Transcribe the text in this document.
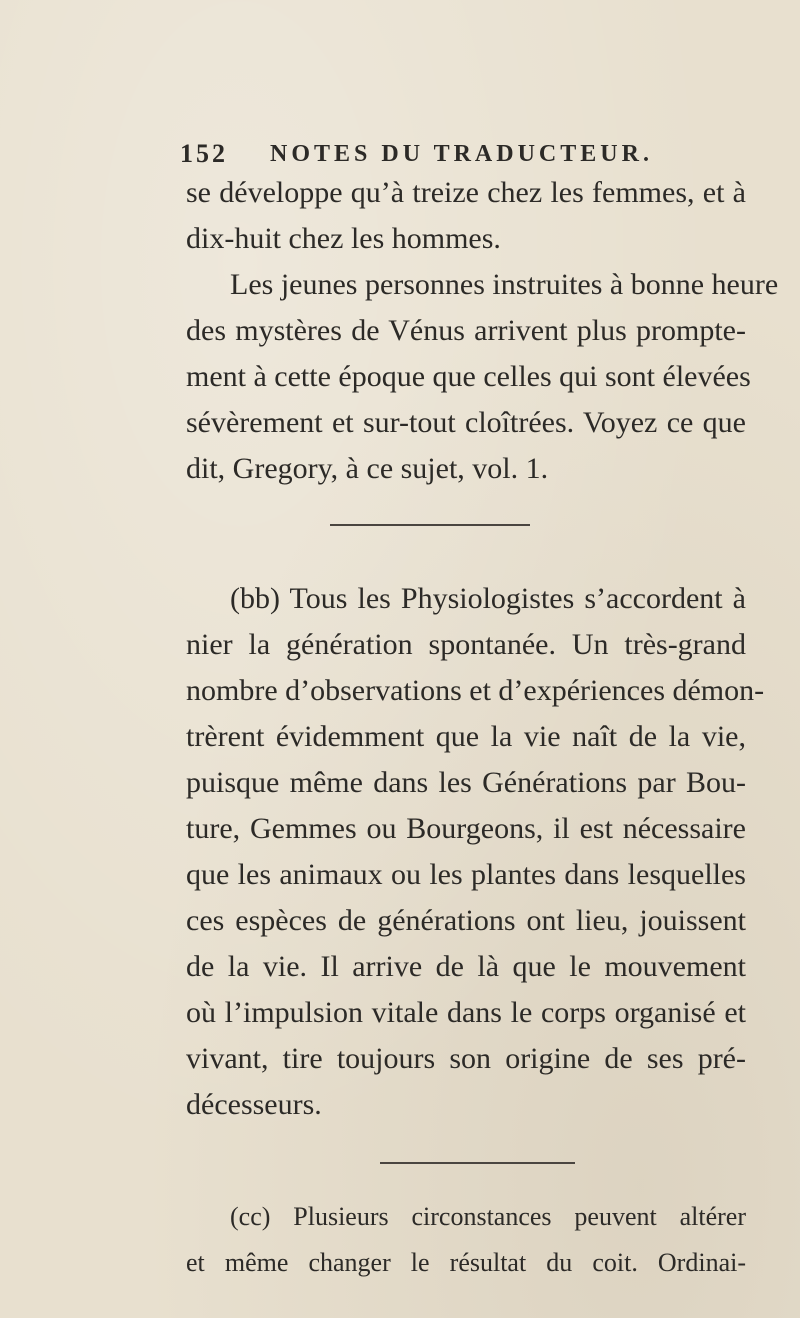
152	NOTES DU TRADUCTEUR.
se développe qu’à treize chez les femmes, et à
dix-huit chez les hommes.
Les jeunes personnes instruites à bonne heure
des mystères de Vénus arrivent plus prompte-
ment à cette époque que celles qui sont élevées
sévèrement et sur-tout cloîtrées. Voyez ce que
dit, Gregory, à ce sujet, vol. 1.
(bb) Tous les Physiologistes s’accordent à
nier la génération spontanée. Un très-grand
nombre d’observations et d’expériences démon-
trèrent évidemment que la vie naît de la vie,
puisque même dans les Générations par Bou-
ture, Gemmes ou Bourgeons, il est nécessaire
que les animaux ou les plantes dans lesquelles
ces espèces de générations ont lieu, jouissent
de la vie. Il arrive de là que le mouvement
où l’impulsion vitale dans le corps organisé et
vivant, tire toujours son origine de ses pré-
décesseurs.
(cc) Plusieurs circonstances peuvent altérer
et même changer le résultat du coit. Ordinai-
